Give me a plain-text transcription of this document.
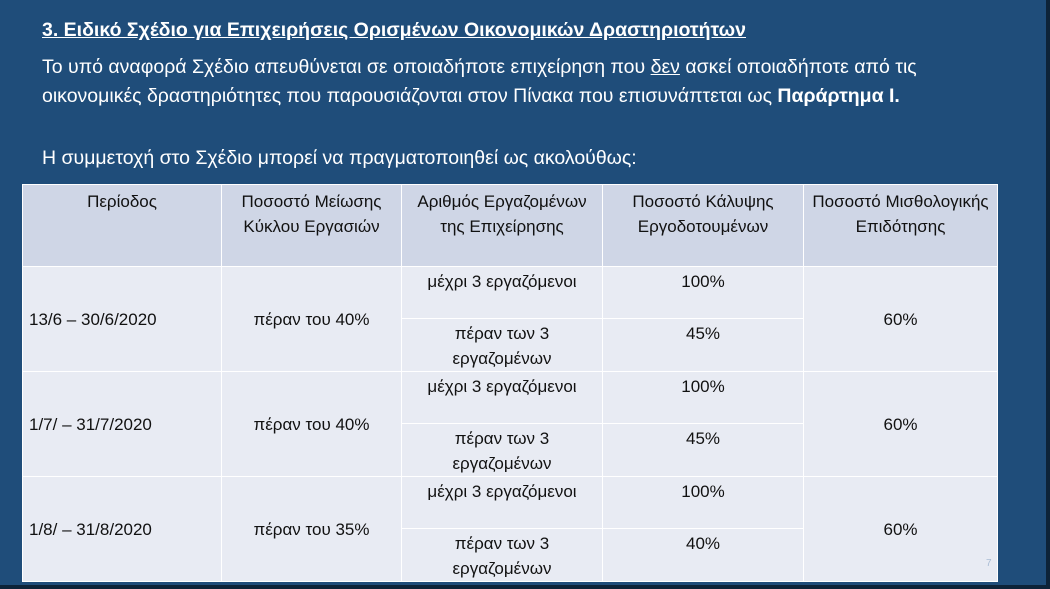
3. Ειδικό Σχέδιο για Επιχειρήσεις Ορισμένων Οικονομικών Δραστηριοτήτων
Το υπό αναφορά Σχέδιο απευθύνεται σε οποιαδήποτε επιχείρηση που δεν ασκεί οποιαδήποτε από τις οικονομικές δραστηριότητες που παρουσιάζονται στον Πίνακα που επισυνάπτεται ως Παράρτημα Ι.
Η συμμετοχή στο Σχέδιο μπορεί να πραγματοποιηθεί ως ακολούθως:
Περίοδος	Ποσοστό Μείωσης Κύκλου Εργασιών	Αριθμός Εργαζομένων της Επιχείρησης	Ποσοστό Κάλυψης Εργοδοτουμένων	Ποσοστό Μισθολογικής Επιδότησης
13/6 – 30/6/2020	πέραν του 40%	μέχρι 3 εργαζόμενοι	100%	60%
		πέραν των 3 εργαζομένων	45%	
1/7/ – 31/7/2020	πέραν του 40%	μέχρι 3 εργαζόμενοι	100%	60%
		πέραν των 3 εργαζομένων	45%	
1/8/ – 31/8/2020	πέραν του 35%	μέχρι 3 εργαζόμενοι	100%	60%
		πέραν των 3 εργαζομένων	40%	
7
